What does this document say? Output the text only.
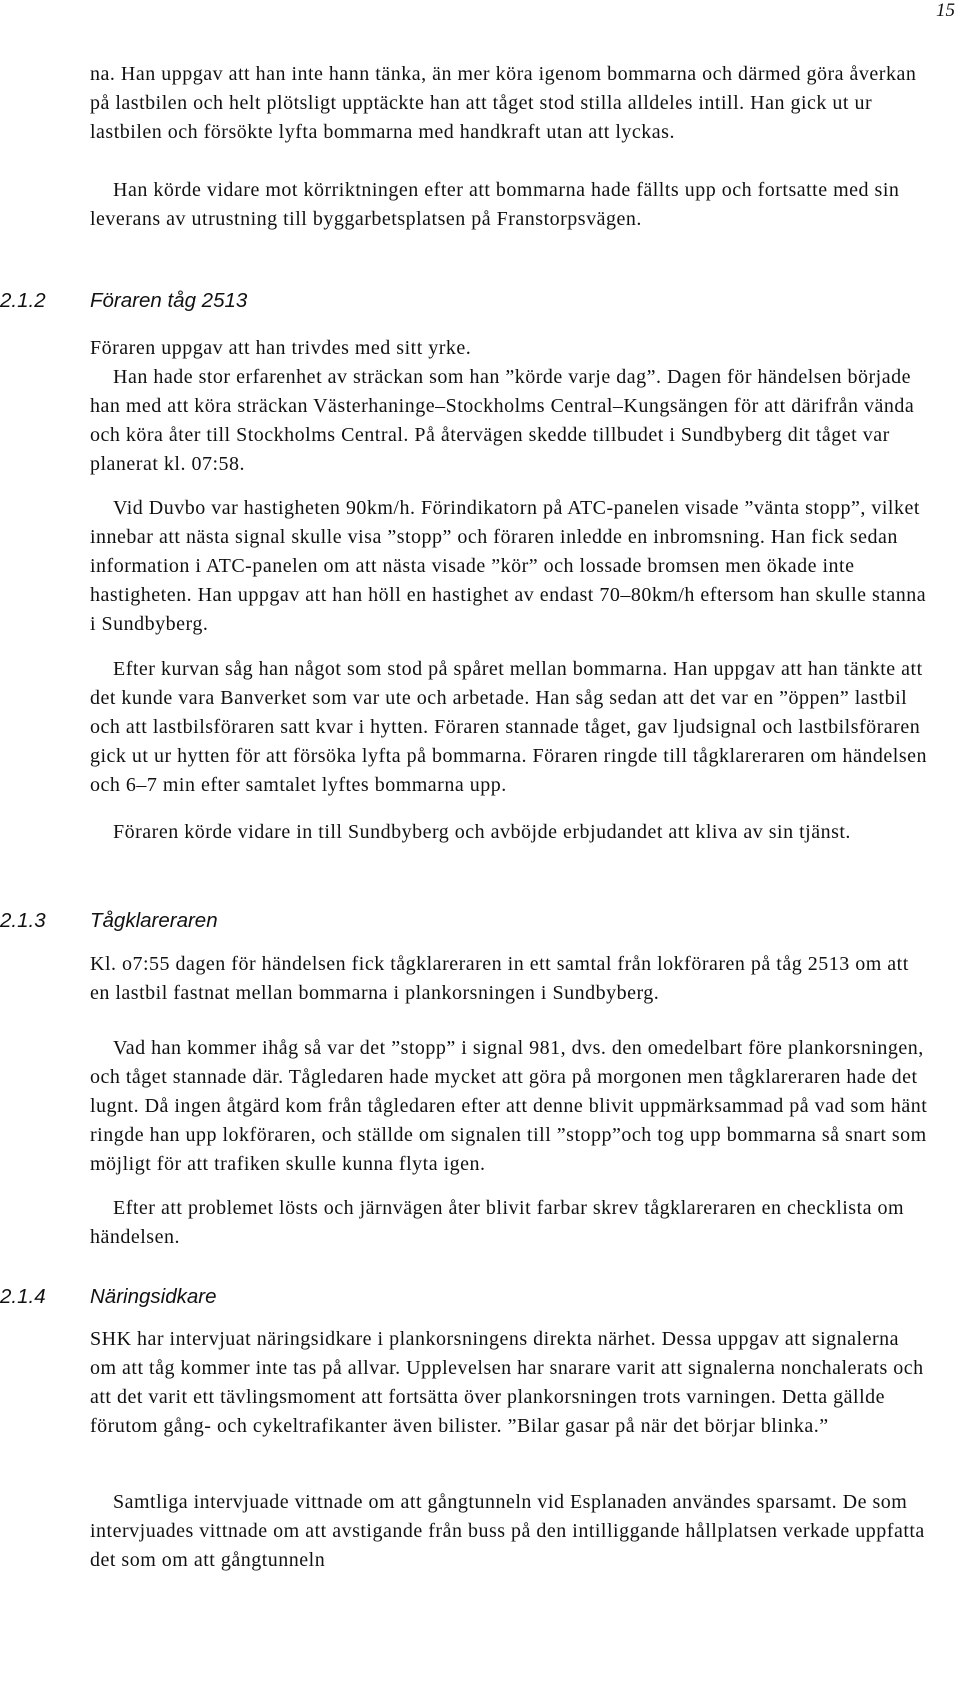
15

na. Han uppgav att han inte hann tänka, än mer köra igenom bommarna och därmed göra åverkan på lastbilen och helt plötsligt upptäckte han att tåget stod stilla alldeles intill. Han gick ut ur lastbilen och försökte lyfta bommarna med handkraft utan att lyckas.

Han körde vidare mot körriktningen efter att bommarna hade fällts upp och fortsatte med sin leverans av utrustning till byggarbetsplatsen på Franstorpsvägen.

2.1.2 Föraren tåg 2513

Föraren uppgav att han trivdes med sitt yrke.

Han hade stor erfarenhet av sträckan som han ”körde varje dag”. Dagen för händelsen började han med att köra sträckan Västerhaninge–Stockholms Central–Kungsängen för att därifrån vända och köra åter till Stockholms Central. På återvägen skedde tillbudet i Sundbyberg dit tåget var planerat kl. 07:58.

Vid Duvbo var hastigheten 90km/h. Förindikatorn på ATC-panelen visade ”vänta stopp”, vilket innebar att nästa signal skulle visa ”stopp” och föraren inledde en inbromsning. Han fick sedan information i ATC-panelen om att nästa visade ”kör” och lossade bromsen men ökade inte hastigheten. Han uppgav att han höll en hastighet av endast 70–80km/h eftersom han skulle stanna i Sundbyberg.

Efter kurvan såg han något som stod på spåret mellan bommarna. Han uppgav att han tänkte att det kunde vara Banverket som var ute och arbetade. Han såg sedan att det var en ”öppen” lastbil och att lastbilsföraren satt kvar i hytten. Föraren stannade tåget, gav ljudsignal och lastbilsföraren gick ut ur hytten för att försöka lyfta på bommarna. Föraren ringde till tågklareraren om händelsen och 6–7 min efter samtalet lyftes bommarna upp.

Föraren körde vidare in till Sundbyberg och avböjde erbjudandet att kliva av sin tjänst.

2.1.3 Tågklareraren

Kl. o7:55 dagen för händelsen fick tågklareraren in ett samtal från lokföraren på tåg 2513 om att en lastbil fastnat mellan bommarna i plankorsningen i Sundbyberg.

Vad han kommer ihåg så var det ”stopp” i signal 981, dvs. den omedelbart före plankorsningen, och tåget stannade där. Tågledaren hade mycket att göra på morgonen men tågklareraren hade det lugnt. Då ingen åtgärd kom från tågledaren efter att denne blivit uppmärksammad på vad som hänt ringde han upp lokföraren, och ställde om signalen till ”stopp”och tog upp bommarna så snart som möjligt för att trafiken skulle kunna flyta igen.

Efter att problemet lösts och järnvägen åter blivit farbar skrev tågklareraren en checklista om händelsen.

2.1.4 Näringsidkare

SHK har intervjuat näringsidkare i plankorsningens direkta närhet. Dessa uppgav att signalerna om att tåg kommer inte tas på allvar. Upplevelsen har snarare varit att signalerna nonchalerats och att det varit ett tävlingsmoment att fortsätta över plankorsningen trots varningen. Detta gällde förutom gång- och cykeltrafikanter även bilister. ”Bilar gasar på när det börjar blinka.”

Samtliga intervjuade vittnade om att gångtunneln vid Esplanaden användes sparsamt. De som intervjuades vittnade om att avstigande från buss på den intilliggande hållplatsen verkade uppfatta det som om att gångtunneln
